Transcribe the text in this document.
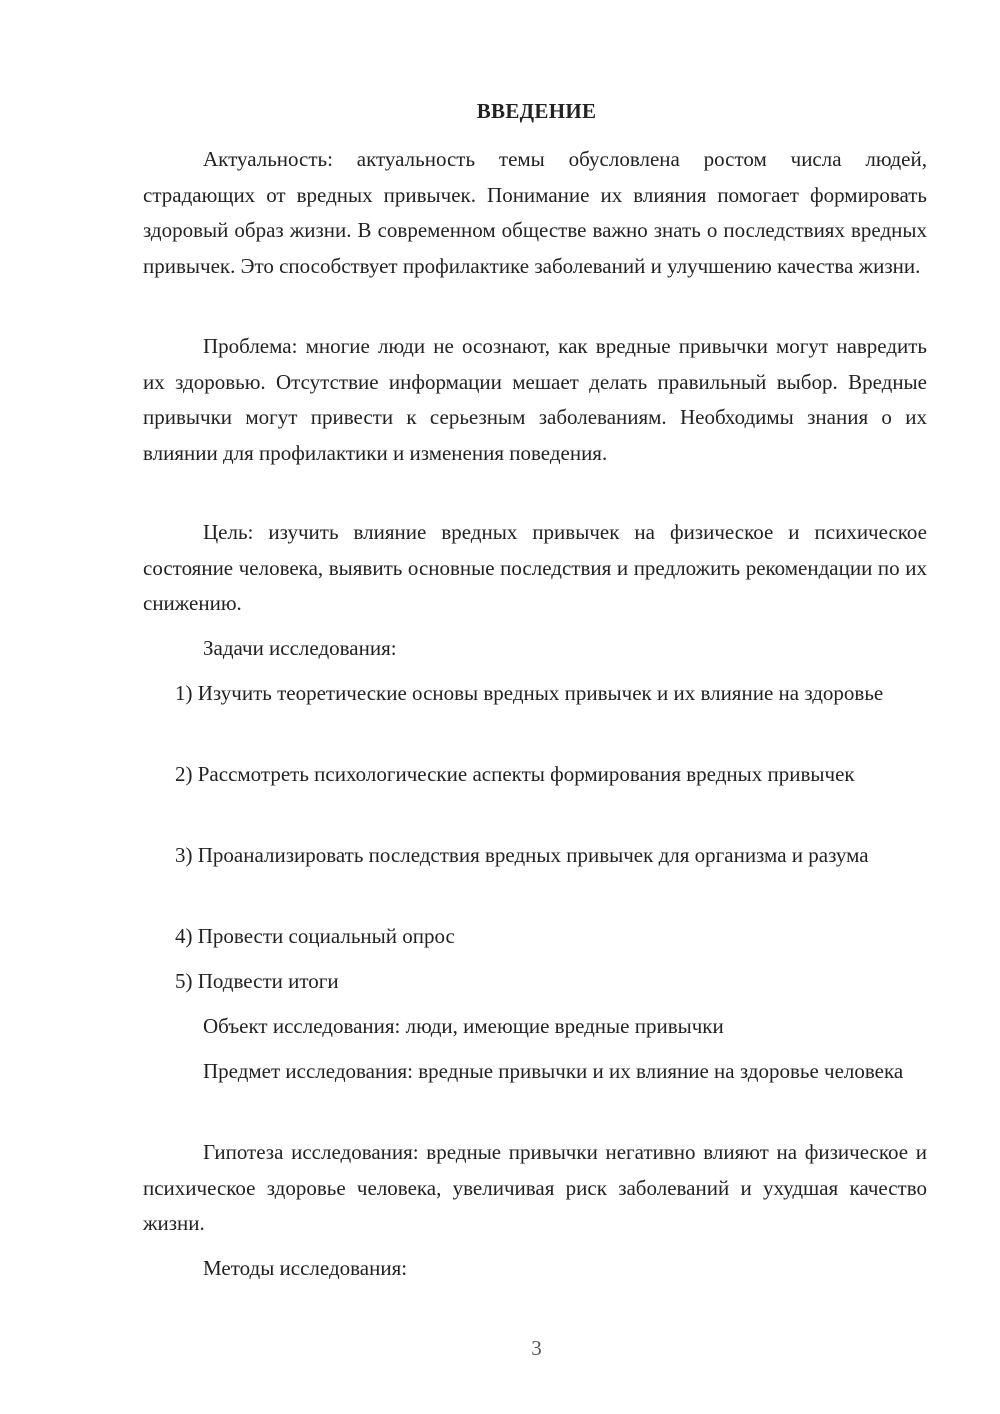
ВВЕДЕНИЕ
Актуальность: актуальность темы обусловлена ростом числа людей, страдающих от вредных привычек. Понимание их влияния помогает формировать здоровый образ жизни. В современном обществе важно знать о последствиях вредных привычек. Это способствует профилактике заболеваний и улучшению качества жизни.
Проблема: многие люди не осознают, как вредные привычки могут навредить их здоровью. Отсутствие информации мешает делать правильный выбор. Вредные привычки могут привести к серьезным заболеваниям. Необходимы знания о их влиянии для профилактики и изменения поведения.
Цель: изучить влияние вредных привычек на физическое и психическое состояние человека, выявить основные последствия и предложить рекомендации по их снижению.
Задачи исследования:
1) Изучить теоретические основы вредных привычек и их влияние на здоровье
2) Рассмотреть психологические аспекты формирования вредных привычек
3) Проанализировать последствия вредных привычек для организма и разума
4) Провести социальный опрос
5) Подвести итоги
Объект исследования: люди, имеющие вредные привычки
Предмет исследования: вредные привычки и их влияние на здоровье человека
Гипотеза исследования: вредные привычки негативно влияют на физическое и психическое здоровье человека, увеличивая риск заболеваний и ухудшая качество жизни.
Методы исследования:
3
